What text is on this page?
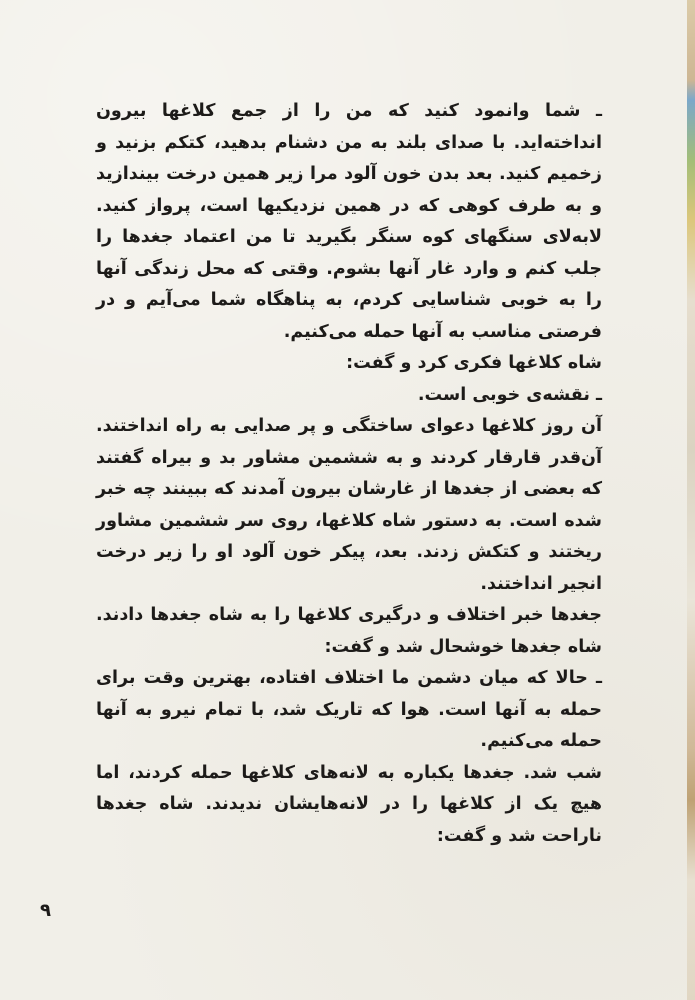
ـ شما وانمود کنید که من را از جمع کلاغها بیرون انداخته‌اید. با صدای بلند به من دشنام بدهید، کتکم بزنید و زخمیم کنید. بعد بدن خون آلود مرا زیر همین درخت بیندازید و به طرف کوهی که در همین نزدیکیها است، پرواز کنید. لابه‌لای سنگهای کوه سنگر بگیرید تا من اعتماد جغدها را جلب کنم و وارد غار آنها بشوم. وقتی که محل زندگی آنها را به خوبی شناسایی کردم، به پناهگاه شما می‌آیم و در فرصتی مناسب به آنها حمله می‌کنیم.

شاه کلاغها فکری کرد و گفت:

ـ نقشه‌ی خوبی است.

آن روز کلاغها دعوای ساختگی و پر صدایی به راه انداختند. آن‌قدر قارقار کردند و به ششمین مشاور بد و بیراه گفتند که بعضی از جغدها از غارشان بیرون آمدند که ببینند چه خبر شده است. به دستور شاه کلاغها، روی سر ششمین مشاور ریختند و کتکش زدند. بعد، پیکر خون آلود او را زیر درخت انجیر انداختند.

جغدها خبر اختلاف و درگیری کلاغها را به شاه جغدها دادند. شاه جغدها خوشحال شد و گفت:

ـ حالا که میان دشمن ما اختلاف افتاده، بهترین وقت برای حمله به آنها است. هوا که تاریک شد، با تمام نیرو به آنها حمله می‌کنیم.

شب شد. جغدها یکباره به لانه‌های کلاغها حمله کردند، اما هیچ یک از کلاغها را در لانه‌هایشان ندیدند. شاه جغدها ناراحت شد و گفت:

۹
